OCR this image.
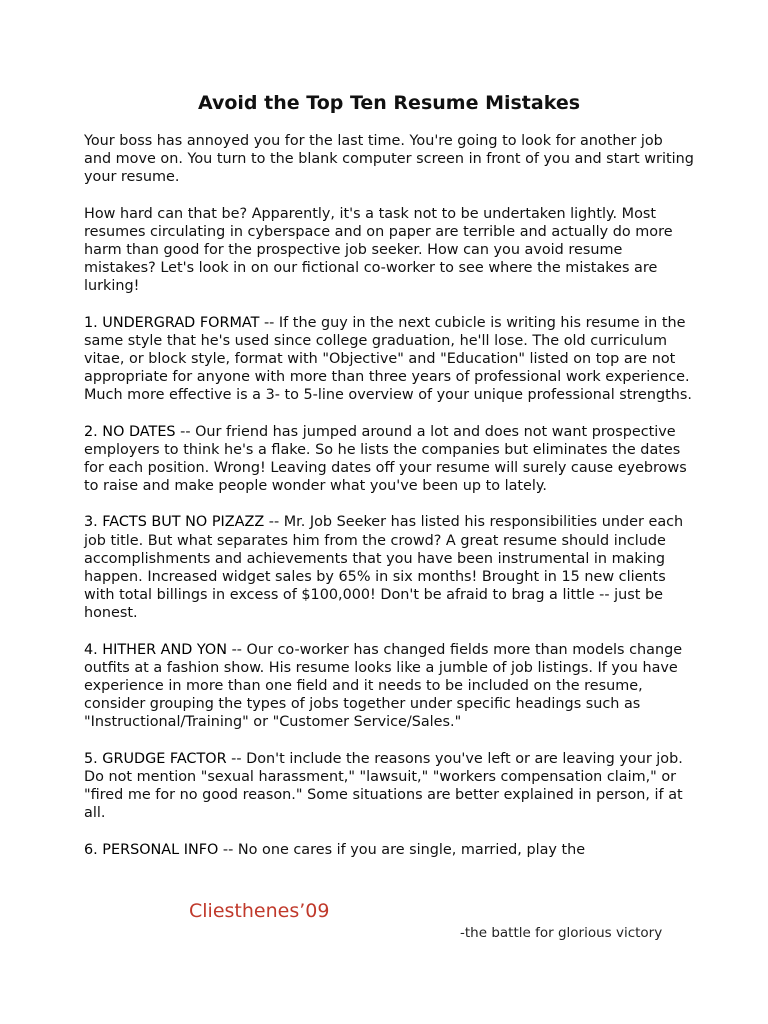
Avoid the Top Ten Resume Mistakes

Your boss has annoyed you for the last time. You're going to look for another job and move on. You turn to the blank computer screen in front of you and start writing your resume.

How hard can that be? Apparently, it's a task not to be undertaken lightly. Most resumes circulating in cyberspace and on paper are terrible and actually do more harm than good for the prospective job seeker. How can you avoid resume mistakes? Let's look in on our fictional co-worker to see where the mistakes are lurking!

1. UNDERGRAD FORMAT -- If the guy in the next cubicle is writing his resume in the same style that he's used since college graduation, he'll lose. The old curriculum vitae, or block style, format with "Objective" and "Education" listed on top are not appropriate for anyone with more than three years of professional work experience. Much more effective is a 3- to 5-line overview of your unique professional strengths.

2. NO DATES -- Our friend has jumped around a lot and does not want prospective employers to think he's a flake. So he lists the companies but eliminates the dates for each position. Wrong! Leaving dates off your resume will surely cause eyebrows to raise and make people wonder what you've been up to lately.

3. FACTS BUT NO PIZAZZ -- Mr. Job Seeker has listed his responsibilities under each job title. But what separates him from the crowd? A great resume should include accomplishments and achievements that you have been instrumental in making happen. Increased widget sales by 65% in six months! Brought in 15 new clients with total billings in excess of $100,000! Don't be afraid to brag a little -- just be honest.

4. HITHER AND YON -- Our co-worker has changed fields more than models change outfits at a fashion show. His resume looks like a jumble of job listings. If you have experience in more than one field and it needs to be included on the resume, consider grouping the types of jobs together under specific headings such as "Instructional/Training" or "Customer Service/Sales."

5. GRUDGE FACTOR -- Don't include the reasons you've left or are leaving your job. Do not mention "sexual harassment," "lawsuit," "workers compensation claim," or "fired me for no good reason." Some situations are better explained in person, if at all.

6. PERSONAL INFO -- No one cares if you are single, married, play the

Cliesthenes’09
-the battle for glorious victory
